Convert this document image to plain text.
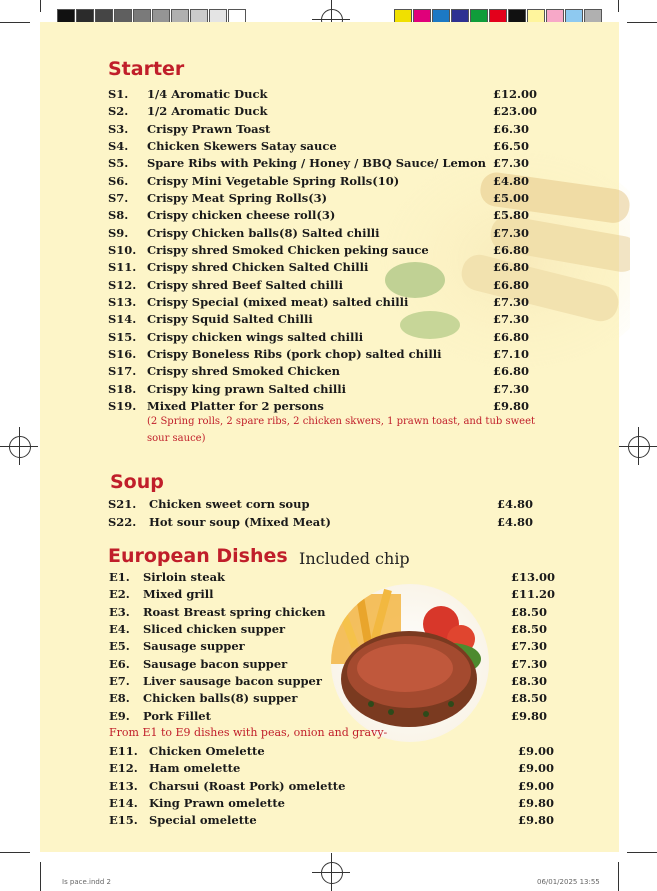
Starter
Soup
European Dishes Included chip
S1. 1/4 Aromatic Duck	£12.00
S2. 1/2 Aromatic Duck	£23.00
S3. Crispy Prawn Toast	£6.30
S4. Chicken Skewers Satay sauce	£6.50
S5. Spare Ribs with Peking / Honey / BBQ Sauce/ Lemon £7.30
S6. Crispy Mini Vegetable Spring Rolls(10)	£4.80
S7. Crispy Meat Spring Rolls(3)	£5.00
S8. Crispy chicken cheese roll(3)	£5.80
S9. Crispy Chicken balls(8) Salted chilli	£7.30
S10. Crispy shred Smoked Chicken peking sauce	£6.80
S11. Crispy shred Chicken Salted Chilli	£6.80
S12. Crispy shred Beef Salted chilli	£6.80
S13. Crispy Special (mixed meat) salted chilli	£7.30
S14. Crispy Squid Salted Chilli	£7.30
S15. Crispy chicken wings salted chilli	£6.80
S16. Crispy Boneless Ribs (pork chop) salted chilli	£7.10
S17. Crispy shred Smoked Chicken	£6.80
S18. Crispy king prawn Salted chilli	£7.30
S19. Mixed Platter for 2 persons	£9.80
(2 Spring rolls, 2 spare ribs, 2 chicken skwers, 1 prawn toast, and tub sweet
sour sauce)
S21. Chicken sweet corn soup	£4.80
S22. Hot sour soup (Mixed Meat)	£4.80
E1. Sirloin steak	£13.00
E2. Mixed grill	£11.20
E3. Roast Breast spring chicken	£8.50
E4. Sliced chicken supper	£8.50
E5. Sausage supper	£7.30
E6. Sausage bacon supper	£7.30
E7. Liver sausage bacon supper	£8.30
E8. Chicken balls(8) supper	£8.50
E9. Pork Fillet	£9.80
From E1 to E9 dishes with peas, onion and gravy-
E11. Chicken Omelette	£9.00
E12. Ham omelette	£9.00
E13. Charsui (Roast Pork) omelette	£9.00
E14. King Prawn omelette	£9.80
E15. Special omelette	£9.80
Is pace.indd 2	06/01/2025 13:55
